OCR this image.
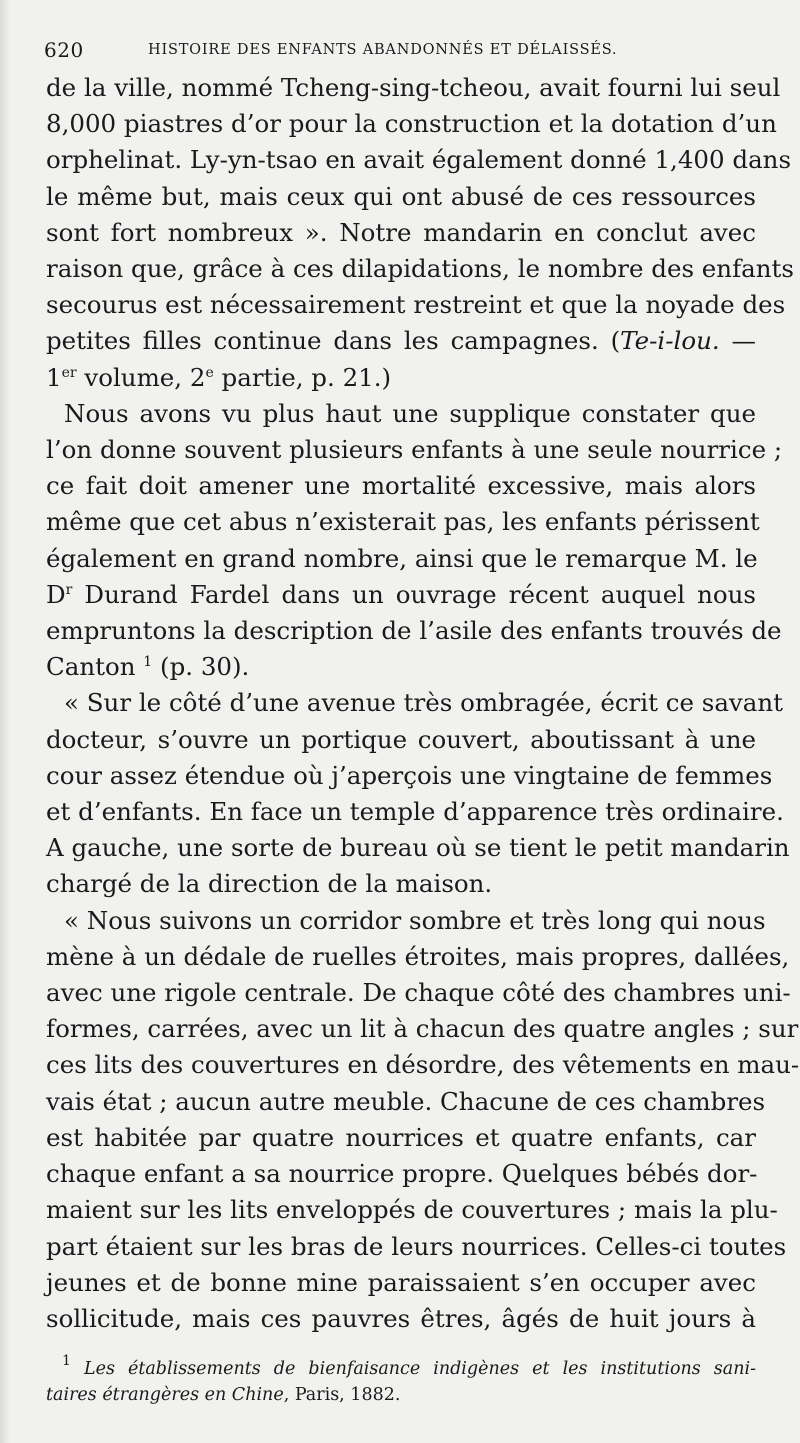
620	HISTOIRE DES ENFANTS ABANDONNÉS ET DÉLAISSÉS.
de la ville, nommé Tcheng-sing-tcheou, avait fourni lui seul
8,000 piastres d’or pour la construction et la dotation d’un
orphelinat. Ly-yn-tsao en avait également donné 1,400 dans
le même but, mais ceux qui ont abusé de ces ressources
sont fort nombreux ». Notre mandarin en conclut avec
raison que, grâce à ces dilapidations, le nombre des enfants
secourus est nécessairement restreint et que la noyade des
petites filles continue dans les campagnes. (Te-i-lou. —
1er volume, 2e partie, p. 21.)
Nous avons vu plus haut une supplique constater que
l’on donne souvent plusieurs enfants à une seule nourrice ;
ce fait doit amener une mortalité excessive, mais alors
même que cet abus n’existerait pas, les enfants périssent
également en grand nombre, ainsi que le remarque M. le
$D^r$ Durand Fardel dans un ouvrage récent auquel nous
empruntons la description de l’asile des enfants trouvés de
Canton $^1$ (p. 30).
« Sur le côté d’une avenue très ombragée, écrit ce savant
docteur, s’ouvre un portique couvert, aboutissant à une
cour assez étendue où j’aperçois une vingtaine de femmes
et d’enfants. En face un temple d’apparence très ordinaire.
A gauche, une sorte de bureau où se tient le petit mandarin
chargé de la direction de la maison.
« Nous suivons un corridor sombre et très long qui nous
mène à un dédale de ruelles étroites, mais propres, dallées,
avec une rigole centrale. De chaque côté des chambres uni-
formes, carrées, avec un lit à chacun des quatre angles ; sur
ces lits des couvertures en désordre, des vêtements en mau-
vais état ; aucun autre meuble. Chacune de ces chambres
est habitée par quatre nourrices et quatre enfants, car
chaque enfant a sa nourrice propre. Quelques bébés dor-
maient sur les lits enveloppés de couvertures ; mais la plu-
part étaient sur les bras de leurs nourrices. Celles-ci toutes
jeunes et de bonne mine paraissaient s’en occuper avec
sollicitude, mais ces pauvres êtres, âgés de huit jours à
$^1$ Les établissements de bienfaisance indigènes et les institutions sani-
taires étrangères en Chine, Paris, 1882.
